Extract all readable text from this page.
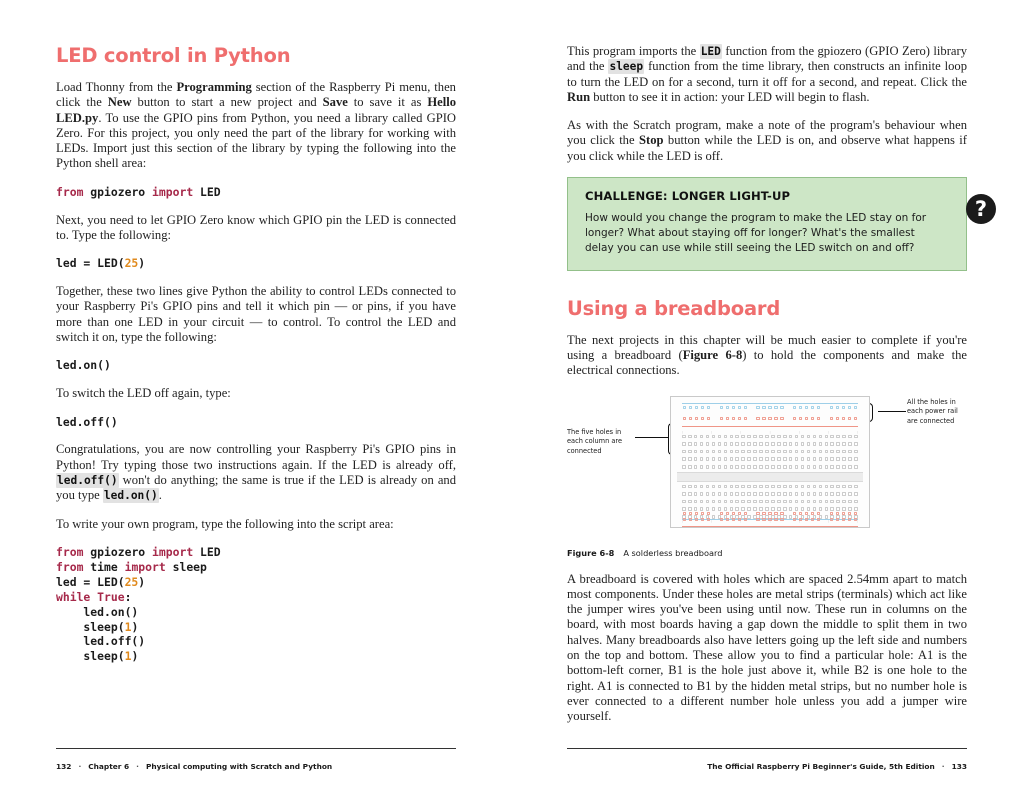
LED control in Python

Load Thonny from the Programming section of the Raspberry Pi menu, then click the New button to start a new project and Save to save it as Hello LED.py. To use the GPIO pins from Python, you need a library called GPIO Zero. For this project, you only need the part of the library for working with LEDs. Import just this section of the library by typing the following into the Python shell area:

from gpiozero import LED

Next, you need to let GPIO Zero know which GPIO pin the LED is connected to. Type the following:

led = LED(25)

Together, these two lines give Python the ability to control LEDs connected to your Raspberry Pi's GPIO pins and tell it which pin — or pins, if you have more than one LED in your circuit — to control. To control the LED and switch it on, type the following:

led.on()

To switch the LED off again, type:

led.off()

Congratulations, you are now controlling your Raspberry Pi's GPIO pins in Python! Try typing those two instructions again. If the LED is already off, led.off() won't do anything; the same is true if the LED is already on and you type led.on().

To write your own program, type the following into the script area:

from gpiozero import LED
from time import sleep
led = LED(25)
while True:
led.on()
sleep(1)
led.off()
sleep(1)

This program imports the LED function from the gpiozero (GPIO Zero) library and the sleep function from the time library, then constructs an infinite loop to turn the LED on for a second, turn it off for a second, and repeat. Click the Run button to see it in action: your LED will begin to flash.

As with the Scratch program, make a note of the program's behaviour when you click the Stop button while the LED is on, and observe what happens if you click while the LED is off.

CHALLENGE: LONGER LIGHT-UP

How would you change the program to make the LED stay on for longer? What about staying off for longer? What's the smallest delay you can use while still seeing the LED switch on and off?

?
Using a breadboard

The next projects in this chapter will be much easier to complete if you're using a breadboard (Figure 6-8) to hold the components and make the electrical connections.

The five holes in each column are connected
All the holes in each power rail are connected
|	|	|	|	|	|	|
|	|	|	|	|	|	|
Figure 6-8 A solderless breadboard

A breadboard is covered with holes which are spaced 2.54mm apart to match most components. Under these holes are metal strips (terminals) which act like the jumper wires you've been using until now. These run in columns on the board, with most boards having a gap down the middle to split them in two halves. Many breadboards also have letters going up the left side and numbers on the top and bottom. These allow you to find a particular hole: A1 is the bottom-left corner, B1 is the hole just above it, while B2 is one hole to the right. A1 is connected to B1 by the hidden metal strips, but no number hole is ever connected to a different number hole unless you add a jumper wire yourself.

132 · Chapter 6 · Physical computing with Scratch and Python	The Official Raspberry Pi Beginner's Guide, 5th Edition · 133
